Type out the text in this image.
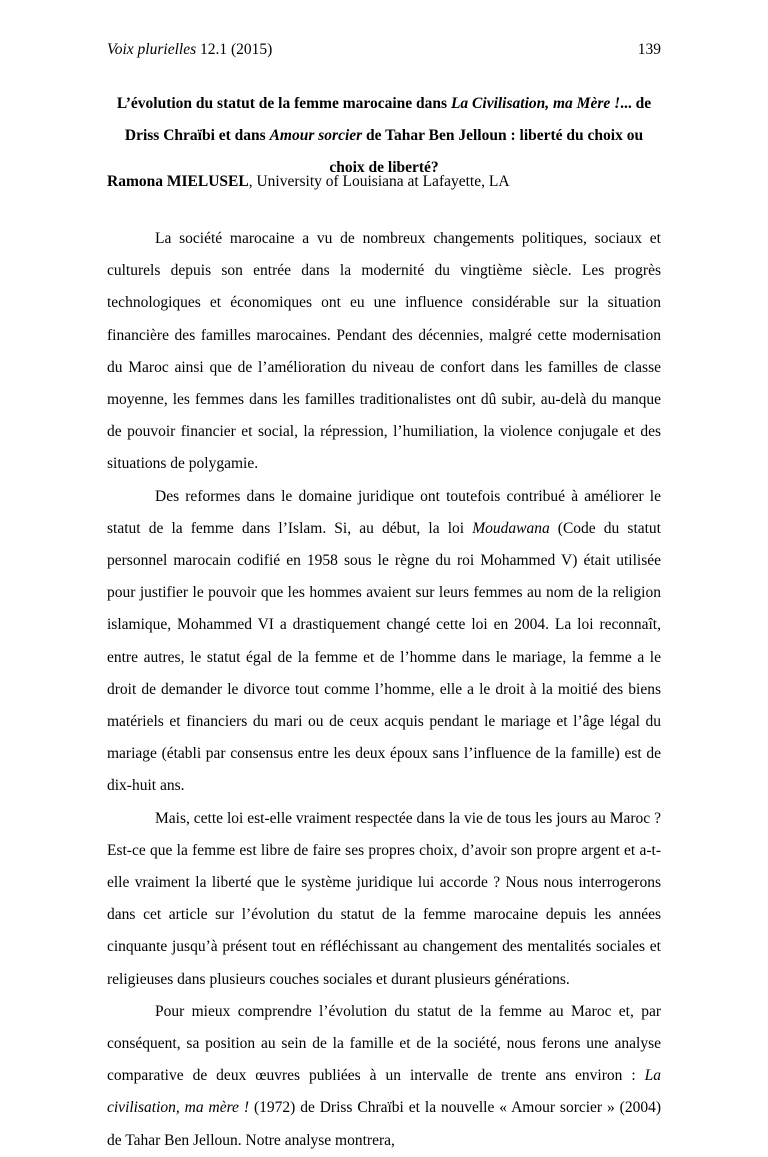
Voix plurielles 12.1 (2015)	139
L’évolution du statut de la femme marocaine dans La Civilisation, ma Mère !... de Driss Chraïbi et dans Amour sorcier de Tahar Ben Jelloun : liberté du choix ou choix de liberté?
Ramona MIELUSEL, University of Louisiana at Lafayette, LA

La société marocaine a vu de nombreux changements politiques, sociaux et culturels depuis son entrée dans la modernité du vingtième siècle. Les progrès technologiques et économiques ont eu une influence considérable sur la situation financière des familles marocaines. Pendant des décennies, malgré cette modernisation du Maroc ainsi que de l’amélioration du niveau de confort dans les familles de classe moyenne, les femmes dans les familles traditionalistes ont dû subir, au-delà du manque de pouvoir financier et social, la répression, l’humiliation, la violence conjugale et des situations de polygamie.

Des reformes dans le domaine juridique ont toutefois contribué à améliorer le statut de la femme dans l’Islam. Si, au début, la loi Moudawana (Code du statut personnel marocain codifié en 1958 sous le règne du roi Mohammed V) était utilisée pour justifier le pouvoir que les hommes avaient sur leurs femmes au nom de la religion islamique, Mohammed VI a drastiquement changé cette loi en 2004. La loi reconnaît, entre autres, le statut égal de la femme et de l’homme dans le mariage, la femme a le droit de demander le divorce tout comme l’homme, elle a le droit à la moitié des biens matériels et financiers du mari ou de ceux acquis pendant le mariage et l’âge légal du mariage (établi par consensus entre les deux époux sans l’influence de la famille) est de dix-huit ans.

Mais, cette loi est-elle vraiment respectée dans la vie de tous les jours au Maroc ? Est-ce que la femme est libre de faire ses propres choix, d’avoir son propre argent et a-t-elle vraiment la liberté que le système juridique lui accorde ? Nous nous interrogerons dans cet article sur l’évolution du statut de la femme marocaine depuis les années cinquante jusqu’à présent tout en réfléchissant au changement des mentalités sociales et religieuses dans plusieurs couches sociales et durant plusieurs générations.

Pour mieux comprendre l’évolution du statut de la femme au Maroc et, par conséquent, sa position au sein de la famille et de la société, nous ferons une analyse comparative de deux œuvres publiées à un intervalle de trente ans environ : La civilisation, ma mère ! (1972) de Driss Chraïbi et la nouvelle « Amour sorcier » (2004) de Tahar Ben Jelloun. Notre analyse montrera,
